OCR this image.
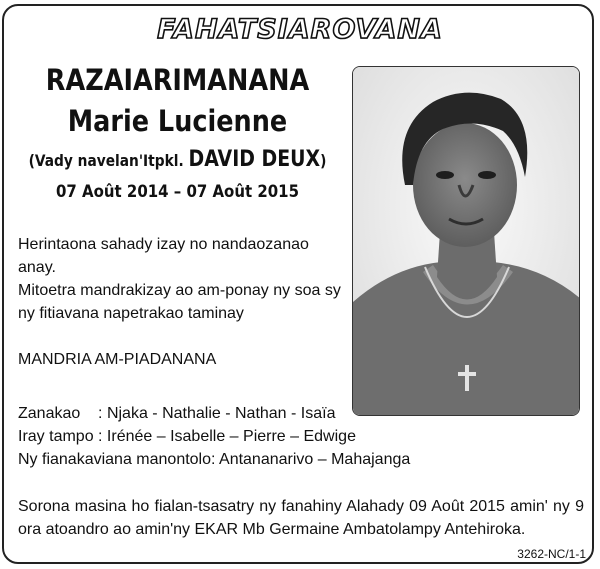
FAHATSIAROVANA
RAZAIARIMANANA
Marie Lucienne
(Vady navelan'Itpkl. DAVID DEUX)
07 Août 2014 – 07 Août 2015
Herintaona sahady izay no nandaozanao
anay.
Mitoetra mandrakizay ao am-ponay ny soa sy
ny fitiavana napetrakao taminay
MANDRIA AM-PIADANANA
Zanakao    : Njaka - Nathalie - Nathan - Isaïa
Iray tampo : Irénée – Isabelle – Pierre – Edwige
Ny fianakaviana manontolo: Antananarivo – Mahajanga
Sorona masina ho fialan-tsasatry ny fanahiny Alahady 09 Août 2015 amin' ny 9 ora atoandro ao amin'ny EKAR Mb Germaine Ambatolampy Antehiroka.
3262-NC/1-1
